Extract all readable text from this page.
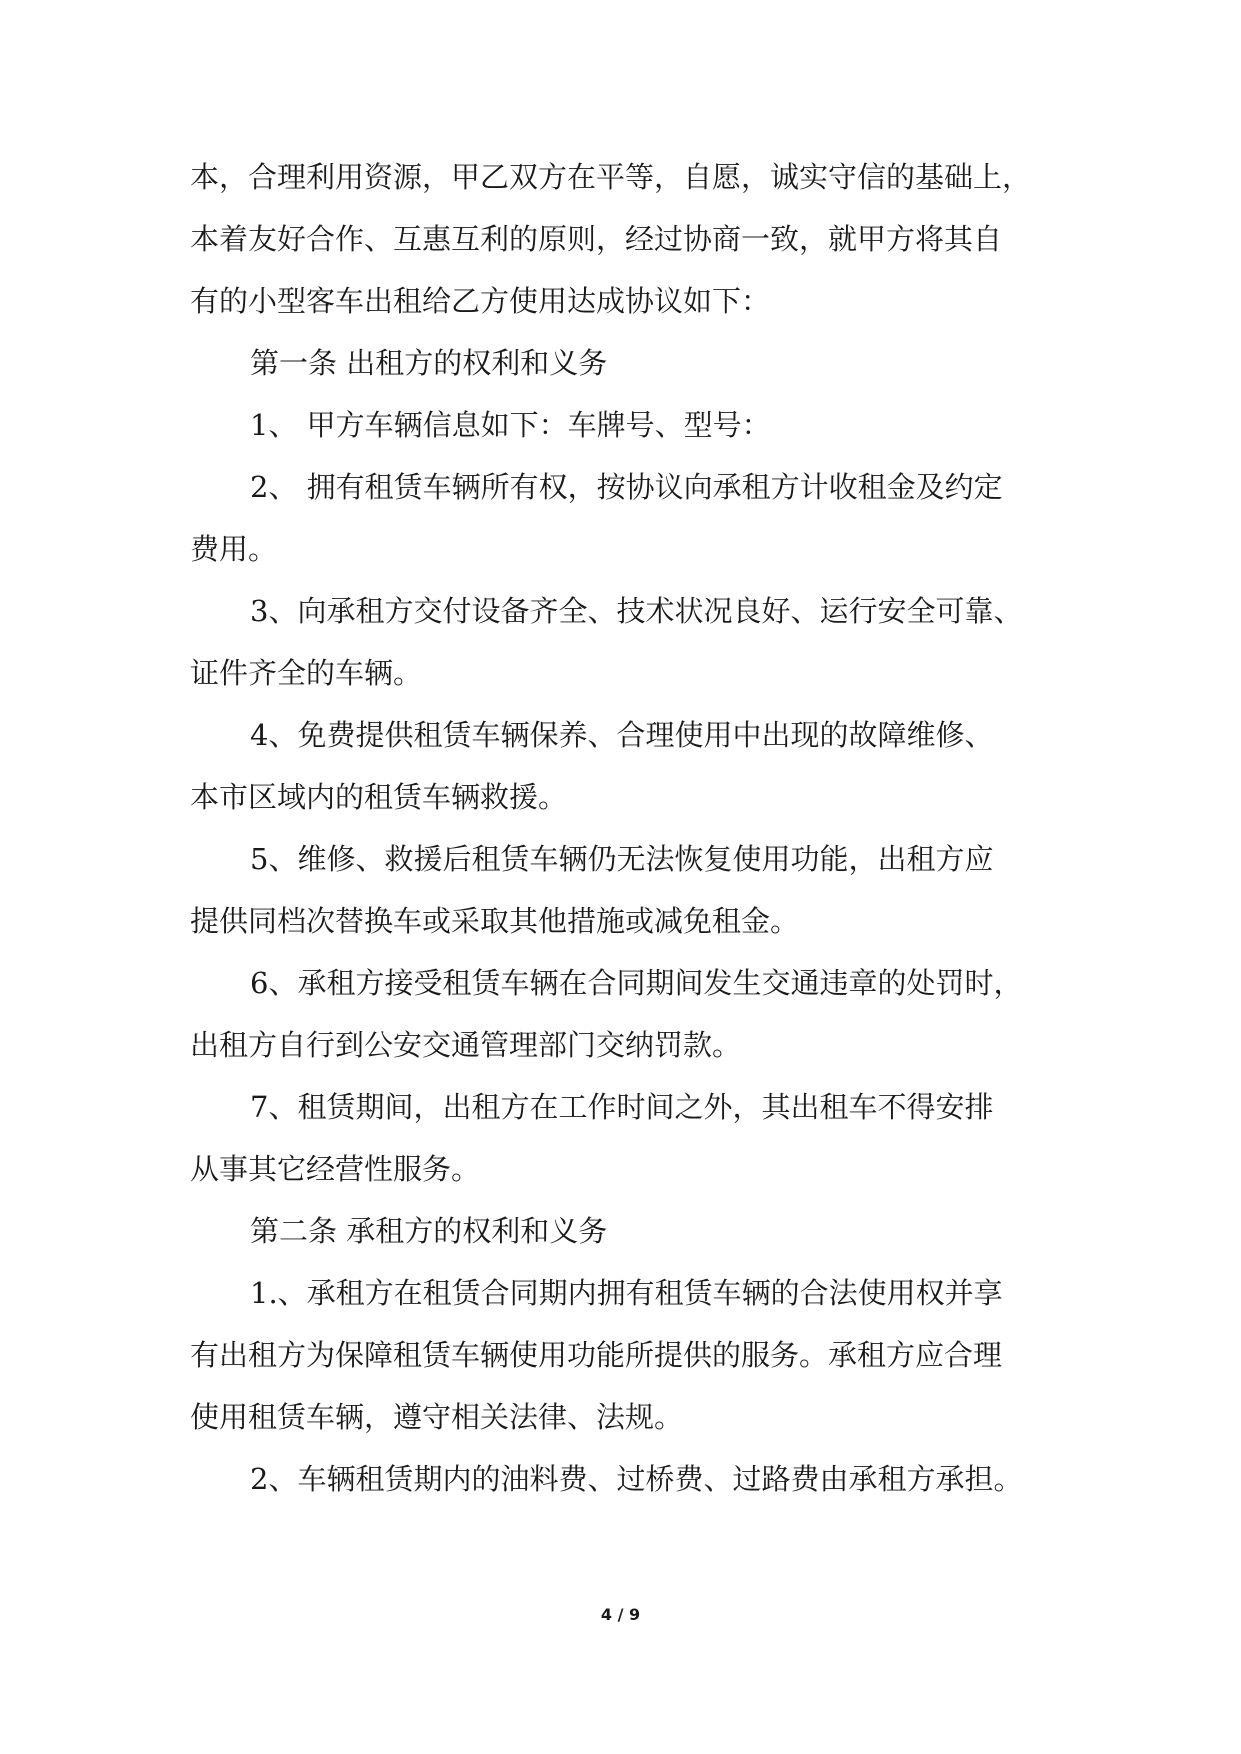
本，合理利用资源，甲乙双方在平等，自愿，诚实守信的基础上，
本着友好合作、互惠互利的原则，经过协商一致，就甲方将其自
有的小型客车出租给乙方使用达成协议如下：
第一条 出租方的权利和义务
1、 甲方车辆信息如下：车牌号、型号：
2、 拥有租赁车辆所有权，按协议向承租方计收租金及约定
费用。
3、向承租方交付设备齐全、技术状况良好、运行安全可靠、
证件齐全的车辆。
4、免费提供租赁车辆保养、合理使用中出现的故障维修、
本市区域内的租赁车辆救援。
5、维修、救援后租赁车辆仍无法恢复使用功能，出租方应
提供同档次替换车或采取其他措施或减免租金。
6、承租方接受租赁车辆在合同期间发生交通违章的处罚时，
出租方自行到公安交通管理部门交纳罚款。
7、租赁期间，出租方在工作时间之外，其出租车不得安排
从事其它经营性服务。
第二条 承租方的权利和义务
1.、承租方在租赁合同期内拥有租赁车辆的合法使用权并享
有出租方为保障租赁车辆使用功能所提供的服务。承租方应合理
使用租赁车辆，遵守相关法律、法规。
2、车辆租赁期内的油料费、过桥费、过路费由承租方承担。
4 / 9
